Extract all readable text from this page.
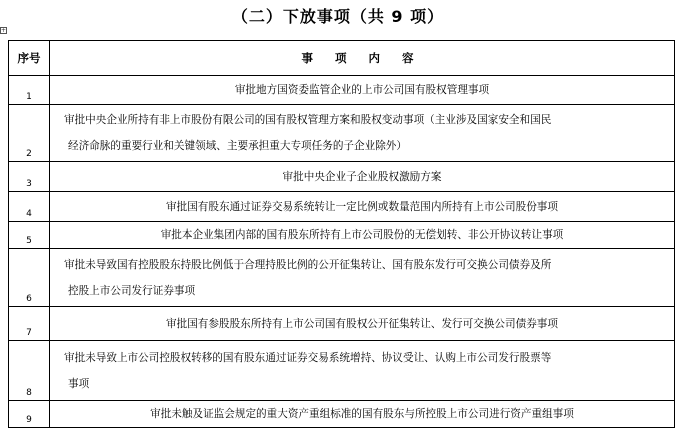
+
（二）下放事项（共 9 项）
序号	事 项 内 容
1	审批地方国资委监管企业的上市公司国有股权管理事项
2	审批中央企业所持有非上市股份有限公司的国有股权管理方案和股权变动事项（主业涉及国家安全和国民
经济命脉的重要行业和关键领域、主要承担重大专项任务的子企业除外）

3	审批中央企业子企业股权激励方案
4	审批国有股东通过证券交易系统转让一定比例或数量范围内所持有上市公司股份事项
5	审批本企业集团内部的国有股东所持有上市公司股份的无偿划转、非公开协议转让事项
6	审批未导致国有控股股东持股比例低于合理持股比例的公开征集转让、国有股东发行可交换公司债券及所
控股上市公司发行证券事项

7	审批国有参股股东所持有上市公司国有股权公开征集转让、发行可交换公司债券事项
8	审批未导致上市公司控股权转移的国有股东通过证券交易系统增持、协议受让、认购上市公司发行股票等
事项

9	审批未触及证监会规定的重大资产重组标准的国有股东与所控股上市公司进行资产重组事项
